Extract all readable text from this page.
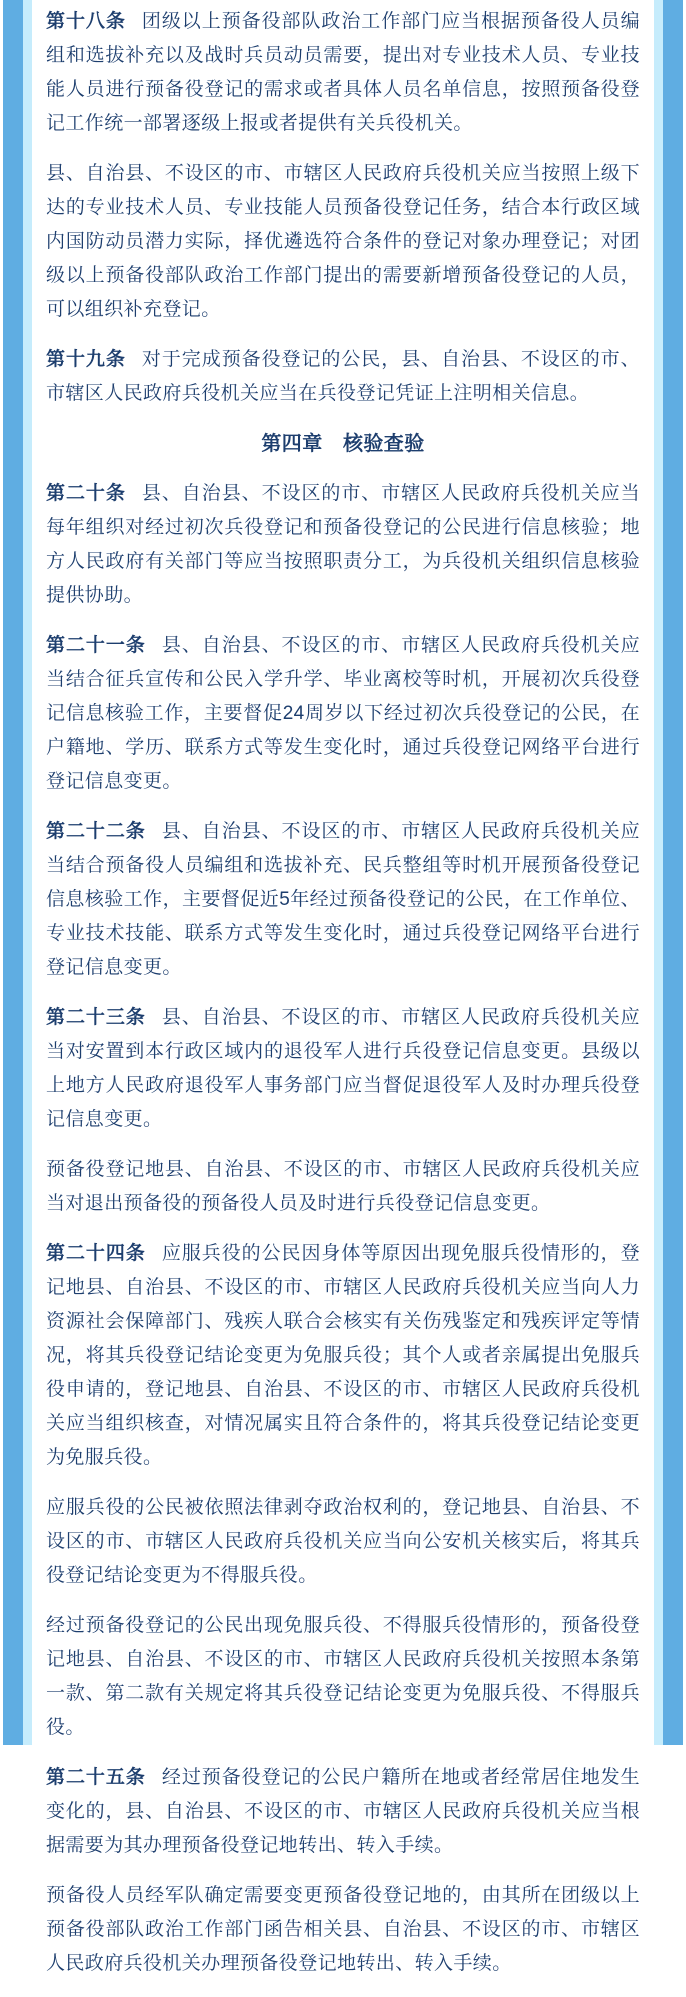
第十八条 团级以上预备役部队政治工作部门应当根据预备役人员编组和选拔补充以及战时兵员动员需要，提出对专业技术人员、专业技能人员进行预备役登记的需求或者具体人员名单信息，按照预备役登记工作统一部署逐级上报或者提供有关兵役机关。

县、自治县、不设区的市、市辖区人民政府兵役机关应当按照上级下达的专业技术人员、专业技能人员预备役登记任务，结合本行政区域内国防动员潜力实际，择优遴选符合条件的登记对象办理登记；对团级以上预备役部队政治工作部门提出的需要新增预备役登记的人员，可以组织补充登记。

第十九条 对于完成预备役登记的公民，县、自治县、不设区的市、市辖区人民政府兵役机关应当在兵役登记凭证上注明相关信息。

第四章　核验查验

第二十条 县、自治县、不设区的市、市辖区人民政府兵役机关应当每年组织对经过初次兵役登记和预备役登记的公民进行信息核验；地方人民政府有关部门等应当按照职责分工，为兵役机关组织信息核验提供协助。

第二十一条 县、自治县、不设区的市、市辖区人民政府兵役机关应当结合征兵宣传和公民入学升学、毕业离校等时机，开展初次兵役登记信息核验工作，主要督促24周岁以下经过初次兵役登记的公民，在户籍地、学历、联系方式等发生变化时，通过兵役登记网络平台进行登记信息变更。

第二十二条 县、自治县、不设区的市、市辖区人民政府兵役机关应当结合预备役人员编组和选拔补充、民兵整组等时机开展预备役登记信息核验工作，主要督促近5年经过预备役登记的公民，在工作单位、专业技术技能、联系方式等发生变化时，通过兵役登记网络平台进行登记信息变更。

第二十三条 县、自治县、不设区的市、市辖区人民政府兵役机关应当对安置到本行政区域内的退役军人进行兵役登记信息变更。县级以上地方人民政府退役军人事务部门应当督促退役军人及时办理兵役登记信息变更。

预备役登记地县、自治县、不设区的市、市辖区人民政府兵役机关应当对退出预备役的预备役人员及时进行兵役登记信息变更。

第二十四条 应服兵役的公民因身体等原因出现免服兵役情形的，登记地县、自治县、不设区的市、市辖区人民政府兵役机关应当向人力资源社会保障部门、残疾人联合会核实有关伤残鉴定和残疾评定等情况，将其兵役登记结论变更为免服兵役；其个人或者亲属提出免服兵役申请的，登记地县、自治县、不设区的市、市辖区人民政府兵役机关应当组织核查，对情况属实且符合条件的，将其兵役登记结论变更为免服兵役。

应服兵役的公民被依照法律剥夺政治权利的，登记地县、自治县、不设区的市、市辖区人民政府兵役机关应当向公安机关核实后，将其兵役登记结论变更为不得服兵役。

经过预备役登记的公民出现免服兵役、不得服兵役情形的，预备役登记地县、自治县、不设区的市、市辖区人民政府兵役机关按照本条第一款、第二款有关规定将其兵役登记结论变更为免服兵役、不得服兵役。

第二十五条 经过预备役登记的公民户籍所在地或者经常居住地发生变化的，县、自治县、不设区的市、市辖区人民政府兵役机关应当根据需要为其办理预备役登记地转出、转入手续。

预备役人员经军队确定需要变更预备役登记地的，由其所在团级以上预备役部队政治工作部门函告相关县、自治县、不设区的市、市辖区人民政府兵役机关办理预备役登记地转出、转入手续。
